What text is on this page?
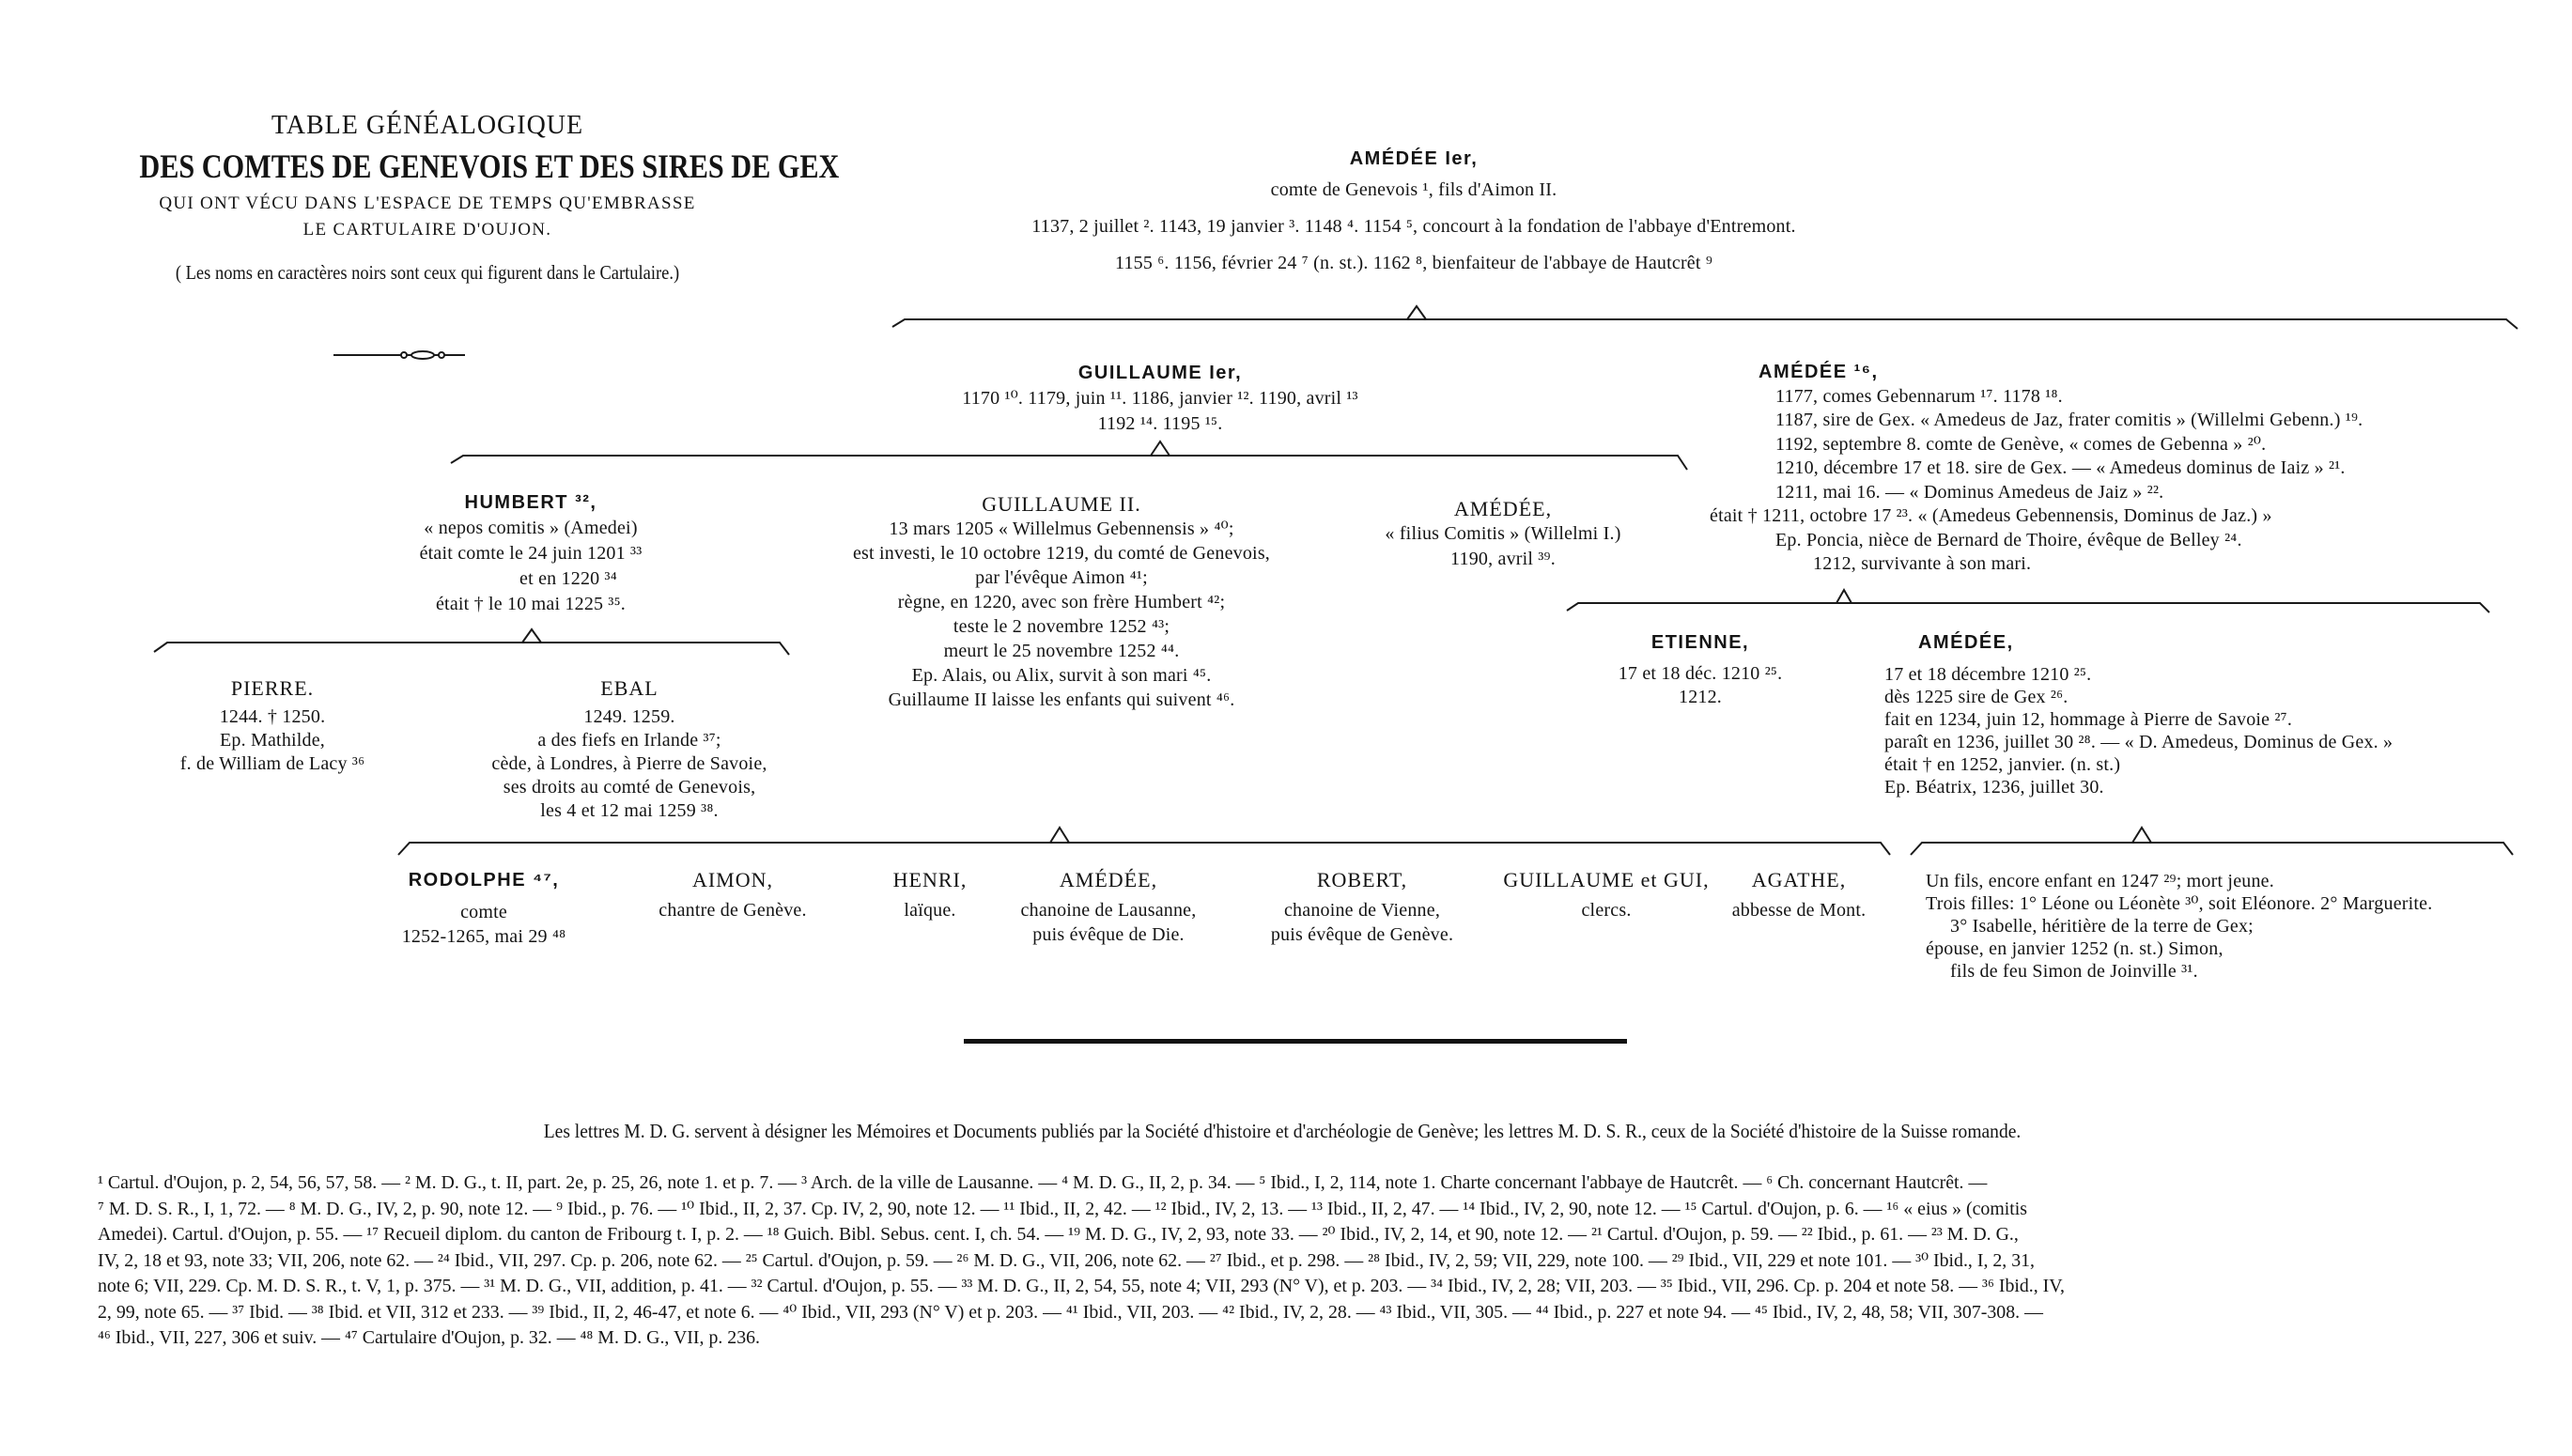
TABLE GÉNÉALOGIQUE
DES COMTES DE GENEVOIS ET DES SIRES DE GEX
QUI ONT VÉCU DANS L'ESPACE DE TEMPS QU'EMBRASSE
LE CARTULAIRE D'OUJON.
( Les noms en caractères noirs sont ceux qui figurent dans le Cartulaire.)
AMÉDÉE Ier,
comte de Genevois ¹, fils d'Aimon II.
1137, 2 juillet ². 1143, 19 janvier ³. 1148 ⁴. 1154 ⁵, concourt à la fondation de l'abbaye d'Entremont.
1155 ⁶. 1156, février 24 ⁷ (n. st.). 1162 ⁸, bienfaiteur de l'abbaye de Hautcrêt ⁹
GUILLAUME Ier,
1170 ¹⁰. 1179, juin ¹¹. 1186, janvier ¹². 1190, avril ¹³
1192 ¹⁴. 1195 ¹⁵.
AMÉDÉE ¹⁶,
1177, comes Gebennarum ¹⁷. 1178 ¹⁸.
1187, sire de Gex. « Amedeus de Jaz, frater comitis » (Willelmi Gebenn.) ¹⁹.
1192, septembre 8. comte de Genève, « comes de Gebenna » ²⁰.
1210, décembre 17 et 18. sire de Gex. — « Amedeus dominus de Iaiz » ²¹.
1211, mai 16. — « Dominus Amedeus de Jaiz » ²².
était † 1211, octobre 17 ²³. « (Amedeus Gebennensis, Dominus de Jaz.) »
Ep. Poncia, nièce de Bernard de Thoire, évêque de Belley ²⁴.
1212, survivante à son mari.
HUMBERT ³²,
« nepos comitis » (Amedei)
était comte le 24 juin 1201 ³³
et en 1220 ³⁴
était † le 10 mai 1225 ³⁵.
GUILLAUME II.
13 mars 1205 « Willelmus Gebennensis » ⁴⁰;
est investi, le 10 octobre 1219, du comté de Genevois,
par l'évêque Aimon ⁴¹;
règne, en 1220, avec son frère Humbert ⁴²;
teste le 2 novembre 1252 ⁴³;
meurt le 25 novembre 1252 ⁴⁴.
Ep. Alais, ou Alix, survit à son mari ⁴⁵.
Guillaume II laisse les enfants qui suivent ⁴⁶.
AMÉDÉE,
« filius Comitis » (Willelmi I.)
1190, avril ³⁹.
PIERRE.
1244. † 1250.
Ep. Mathilde,
f. de William de Lacy ³⁶
EBAL
1249. 1259.
a des fiefs en Irlande ³⁷;
cède, à Londres, à Pierre de Savoie,
ses droits au comté de Genevois,
les 4 et 12 mai 1259 ³⁸.
ETIENNE,
17 et 18 déc. 1210 ²⁵.
1212.
AMÉDÉE,
17 et 18 décembre 1210 ²⁵.
dès 1225 sire de Gex ²⁶.
fait en 1234, juin 12, hommage à Pierre de Savoie ²⁷.
paraît en 1236, juillet 30 ²⁸. — « D. Amedeus, Dominus de Gex. »
était † en 1252, janvier. (n. st.)
Ep. Béatrix, 1236, juillet 30.
RODOLPHE ⁴⁷,
comte
1252-1265, mai 29 ⁴⁸
AIMON,
chantre de Genève.
HENRI,
laïque.
AMÉDÉE,
chanoine de Lausanne,
puis évêque de Die.
ROBERT,
chanoine de Vienne,
puis évêque de Genève.
GUILLAUME et GUI,
clercs.
AGATHE,
abbesse de Mont.
Un fils, encore enfant en 1247 ²⁹; mort jeune.
Trois filles: 1° Léone ou Léonète ³⁰, soit Eléonore. 2° Marguerite.
3° Isabelle, héritière de la terre de Gex;
épouse, en janvier 1252 (n. st.) Simon,
fils de feu Simon de Joinville ³¹.
Les lettres M. D. G. servent à désigner les Mémoires et Documents publiés par la Société d'histoire et d'archéologie de Genève; les lettres M. D. S. R., ceux de la Société d'histoire de la Suisse romande.
¹ Cartul. d'Oujon, p. 2, 54, 56, 57, 58. — ² M. D. G., t. II, part. 2e, p. 25, 26, note 1. et p. 7. — ³ Arch. de la ville de Lausanne. — ⁴ M. D. G., II, 2, p. 34. — ⁵ Ibid., I, 2, 114, note 1. Charte concernant l'abbaye de Hautcrêt. — ⁶ Ch. concernant Hautcrêt. —
⁷ M. D. S. R., I, 1, 72. — ⁸ M. D. G., IV, 2, p. 90, note 12. — ⁹ Ibid., p. 76. — ¹⁰ Ibid., II, 2, 37. Cp. IV, 2, 90, note 12. — ¹¹ Ibid., II, 2, 42. — ¹² Ibid., IV, 2, 13. — ¹³ Ibid., II, 2, 47. — ¹⁴ Ibid., IV, 2, 90, note 12. — ¹⁵ Cartul. d'Oujon, p. 6. — ¹⁶ « eius » (comitis
Amedei). Cartul. d'Oujon, p. 55. — ¹⁷ Recueil diplom. du canton de Fribourg t. I, p. 2. — ¹⁸ Guich. Bibl. Sebus. cent. I, ch. 54. — ¹⁹ M. D. G., IV, 2, 93, note 33. — ²⁰ Ibid., IV, 2, 14, et 90, note 12. — ²¹ Cartul. d'Oujon, p. 59. — ²² Ibid., p. 61. — ²³ M. D. G.,
IV, 2, 18 et 93, note 33; VII, 206, note 62. — ²⁴ Ibid., VII, 297. Cp. p. 206, note 62. — ²⁵ Cartul. d'Oujon, p. 59. — ²⁶ M. D. G., VII, 206, note 62. — ²⁷ Ibid., et p. 298. — ²⁸ Ibid., IV, 2, 59; VII, 229, note 100. — ²⁹ Ibid., VII, 229 et note 101. — ³⁰ Ibid., I, 2, 31,
note 6; VII, 229. Cp. M. D. S. R., t. V, 1, p. 375. — ³¹ M. D. G., VII, addition, p. 41. — ³² Cartul. d'Oujon, p. 55. — ³³ M. D. G., II, 2, 54, 55, note 4; VII, 293 (N° V), et p. 203. — ³⁴ Ibid., IV, 2, 28; VII, 203. — ³⁵ Ibid., VII, 296. Cp. p. 204 et note 58. — ³⁶ Ibid., IV,
2, 99, note 65. — ³⁷ Ibid. — ³⁸ Ibid. et VII, 312 et 233. — ³⁹ Ibid., II, 2, 46-47, et note 6. — ⁴⁰ Ibid., VII, 293 (N° V) et p. 203. — ⁴¹ Ibid., VII, 203. — ⁴² Ibid., IV, 2, 28. — ⁴³ Ibid., VII, 305. — ⁴⁴ Ibid., p. 227 et note 94. — ⁴⁵ Ibid., IV, 2, 48, 58; VII, 307-308. —
⁴⁶ Ibid., VII, 227, 306 et suiv. — ⁴⁷ Cartulaire d'Oujon, p. 32. — ⁴⁸ M. D. G., VII, p. 236.
